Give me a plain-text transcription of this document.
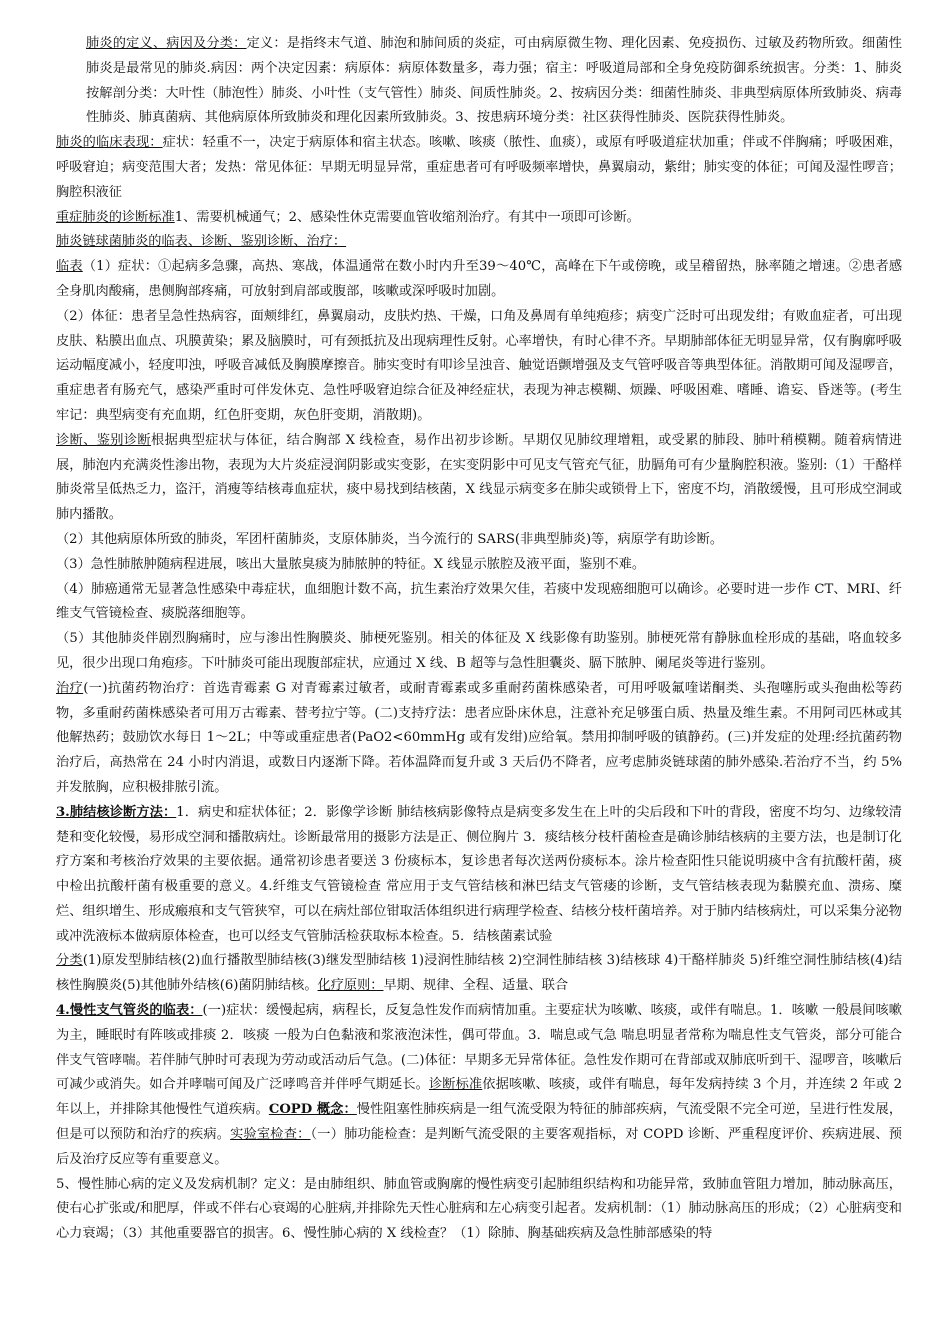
肺炎的定义、病因及分类：定义：是指终末气道、肺泡和肺间质的炎症，可由病原微生物、理化因素、免疫损伤、过敏及药物所致。细菌性肺炎是最常见的肺炎.病因：两个决定因素：病原体：病原体数量多，毒力强；宿主：呼吸道局部和全身免疫防御系统损害。分类：1、肺炎按解剖分类：大叶性（肺泡性）肺炎、小叶性（支气管性）肺炎、间质性肺炎。2、按病因分类：细菌性肺炎、非典型病原体所致肺炎、病毒性肺炎、肺真菌病、其他病原体所致肺炎和理化因素所致肺炎。3、按患病环境分类：社区获得性肺炎、医院获得性肺炎。

肺炎的临床表现：症状：轻重不一，决定于病原体和宿主状态。咳嗽、咳痰（脓性、血痰），或原有呼吸道症状加重；伴或不伴胸痛；呼吸困难，呼吸窘迫；病变范围大者；发热：常见体征：早期无明显异常，重症患者可有呼吸频率增快，鼻翼扇动，紫绀；肺实变的体征；可闻及湿性啰音；胸腔积液征

重症肺炎的诊断标准1、需要机械通气；2、感染性休克需要血管收缩剂治疗。有其中一项即可诊断。

肺炎链球菌肺炎的临表、诊断、鉴别诊断、治疗：

临表（1）症状：①起病多急骤，高热、寒战，体温通常在数小时内升至39～40℃，高峰在下午或傍晚，或呈稽留热，脉率随之增速。②患者感全身肌肉酸痛，患侧胸部疼痛，可放射到肩部或腹部，咳嗽或深呼吸时加剧。

（2）体征：患者呈急性热病容，面颊绯红，鼻翼扇动，皮肤灼热、干燥，口角及鼻周有单纯疱疹；病变广泛时可出现发绀；有败血症者，可出现皮肤、粘膜出血点、巩膜黄染；累及脑膜时，可有颈抵抗及出现病理性反射。心率增快，有时心律不齐。早期肺部体征无明显异常，仅有胸廓呼吸运动幅度减小，轻度叩浊，呼吸音减低及胸膜摩擦音。肺实变时有叩诊呈浊音、触觉语颤增强及支气管呼吸音等典型体征。消散期可闻及湿啰音，重症患者有肠充气，感染严重时可伴发休克、急性呼吸窘迫综合征及神经症状，表现为神志模糊、烦躁、呼吸困难、嗜睡、谵妄、昏迷等。(考生牢记：典型病变有充血期，红色肝变期，灰色肝变期，消散期)。

诊断、鉴别诊断根据典型症状与体征，结合胸部 X 线检查，易作出初步诊断。早期仅见肺纹理增粗，或受累的肺段、肺叶稍模糊。随着病情进展，肺泡内充满炎性渗出物，表现为大片炎症浸润阴影或实变影，在实变阴影中可见支气管充气征，肋膈角可有少量胸腔积液。鉴别:（1）干酪样肺炎常呈低热乏力，盗汗，消瘦等结核毒血症状，痰中易找到结核菌，X 线显示病变多在肺尖或锁骨上下，密度不均，消散缓慢，且可形成空洞或肺内播散。

（2）其他病原体所致的肺炎，军团杆菌肺炎，支原体肺炎，当今流行的 SARS(非典型肺炎)等，病原学有助诊断。

（3）急性肺脓肿随病程进展，咳出大量脓臭痰为肺脓肿的特征。X 线显示脓腔及液平面，鉴别不难。

（4）肺癌通常无显著急性感染中毒症状，血细胞计数不高，抗生素治疗效果欠佳，若痰中发现癌细胞可以确诊。必要时进一步作 CT、MRI、纤维支气管镜检查、痰脱落细胞等。

（5）其他肺炎伴剧烈胸痛时，应与渗出性胸膜炎、肺梗死鉴别。相关的体征及 X 线影像有助鉴别。肺梗死常有静脉血栓形成的基础，咯血较多见，很少出现口角疱疹。下叶肺炎可能出现腹部症状，应通过 X 线、B 超等与急性胆囊炎、膈下脓肿、阑尾炎等进行鉴别。

治疗(一)抗菌药物治疗：首选青霉素 G 对青霉素过敏者，或耐青霉素或多重耐药菌株感染者，可用呼吸氟喹诺酮类、头孢噻肟或头孢曲松等药物，多重耐药菌株感染者可用万古霉素、替考拉宁等。(二)支持疗法：患者应卧床休息，注意补充足够蛋白质、热量及维生素。不用阿司匹林或其他解热药；鼓励饮水每日 1～2L；中等或重症患者(PaO2<60mmHg 或有发绀)应给氧。禁用抑制呼吸的镇静药。(三)并发症的处理:经抗菌药物治疗后，高热常在 24 小时内消退，或数日内逐渐下降。若体温降而复升或 3 天后仍不降者，应考虑肺炎链球菌的肺外感染.若治疗不当，约 5%并发脓胸，应积极排脓引流。

3.肺结核诊断方法：1．病史和症状体征；2．影像学诊断 肺结核病影像特点是病变多发生在上叶的尖后段和下叶的背段，密度不均匀、边缘较清楚和变化较慢，易形成空洞和播散病灶。诊断最常用的摄影方法是正、侧位胸片 3．痰结核分枝杆菌检查是确诊肺结核病的主要方法，也是制订化疗方案和考核治疗效果的主要依据。通常初诊患者要送 3 份痰标本，复诊患者每次送两份痰标本。涂片检查阳性只能说明痰中含有抗酸杆菌，痰中检出抗酸杆菌有极重要的意义。4.纤维支气管镜检查 常应用于支气管结核和淋巴结支气管瘘的诊断，支气管结核表现为黏膜充血、溃疡、糜烂、组织增生、形成瘢痕和支气管狭窄，可以在病灶部位钳取活体组织进行病理学检查、结核分枝杆菌培养。对于肺内结核病灶，可以采集分泌物或冲洗液标本做病原体检查，也可以经支气管肺活检获取标本检查。5．结核菌素试验

分类(1)原发型肺结核(2)血行播散型肺结核(3)继发型肺结核 1)浸润性肺结核 2)空洞性肺结核 3)结核球 4)干酪样肺炎 5)纤维空洞性肺结核(4)结核性胸膜炎(5)其他肺外结核(6)菌阴肺结核。化疗原则：早期、规律、全程、适量、联合

4.慢性支气管炎的临表：(一)症状：缓慢起病，病程长，反复急性发作而病情加重。主要症状为咳嗽、咳痰，或伴有喘息。1．咳嗽 一般晨间咳嗽为主，睡眠时有阵咳或排痰 2．咳痰 一般为白色黏液和浆液泡沫性，偶可带血。3．喘息或气急 喘息明显者常称为喘息性支气管炎，部分可能合伴支气管哮喘。若伴肺气肿时可表现为劳动或活动后气急。(二)体征：早期多无异常体征。急性发作期可在背部或双肺底听到干、湿啰音，咳嗽后可减少或消失。如合并哮喘可闻及广泛哮鸣音并伴呼气期延长。诊断标准依据咳嗽、咳痰，或伴有喘息，每年发病持续 3 个月，并连续 2 年或 2 年以上，并排除其他慢性气道疾病。COPD 概念：慢性阻塞性肺疾病是一组气流受限为特征的肺部疾病，气流受限不完全可逆，呈进行性发展，但是可以预防和治疗的疾病。实验室检查：（一）肺功能检查：是判断气流受限的主要客观指标，对 COPD 诊断、严重程度评价、疾病进展、预后及治疗反应等有重要意义。

5、慢性肺心病的定义及发病机制？定义：是由肺组织、肺血管或胸廓的慢性病变引起肺组织结构和功能异常，致肺血管阻力增加，肺动脉高压，使右心扩张或/和肥厚，伴或不伴右心衰竭的心脏病,并排除先天性心脏病和左心病变引起者。发病机制：（1）肺动脉高压的形成；（2）心脏病变和心力衰竭；（3）其他重要器官的损害。6、慢性肺心病的 X 线检查？（1）除肺、胸基础疾病及急性肺部感染的特
